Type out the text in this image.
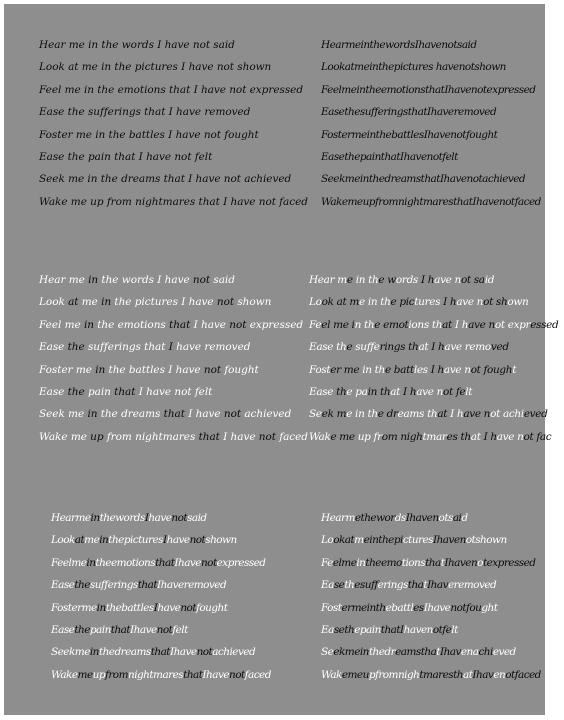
Hear me in the words I have not said
Look at me in the pictures I have not shown
Feel me in the emotions that I have not expressed
Ease the sufferings that I have removed
Foster me in the battles I have not fought
Ease the pain that I have not felt
Seek me in the dreams that I have not achieved
Wake me up from nightmares that I have not faced
HearmeinthewordsIhavenotsaid
Lookatmeinthepictures havenotshown
FeelmeintheemotionsthatIhavenotexpressed
EasethesufferingsthatIhaveremoved
FostermeinthebattlesIhavenotfought
EasethepainthatIhavenotfelt
SeekmeinthedreamsthatIhavenotachieved
WakemeupfromnightmaresthatIhavenotfaced
Hear me in the words I have not said
Look at me in the pictures I have not shown
Feel me in the emotions that I have not expressed
Ease the sufferings that I have removed
Foster me in the battles I have not fought
Ease the pain that I have not felt
Seek me in the dreams that I have not achieved
Wake me up from nightmares that I have not faced
Hear me in the words I have not said
Look at me in the pictures I have not shown
Feel me in the emotions that I have not expressed
Ease the sufferings that I have removed
Foster me in the battles I have not fought
Ease the pain that I have not felt
Seek me in the dreams that I have not achieved
Wake me up from nightmares that I have not faced
HearmeinthewordsIhavenotsaid
LookatmeinthepicturesIhavenotshown
FeelmeintheemotionsthatIhavenotexpressed
EasethesufferingsthatIhaveremoved
FostermeinthebattlesIhavenotfought
EasethepainthatIhavenotfelt
SeekmeinthedreamsthatIhavenotachieved
WakemeupfromnightmaresthatIhavenotfaced
HearmethewordsIhavenotsaid
LookatmeinthepicturesIhavenotshown
FeelmeintheemotionsthatIhavenotexpressed
EasethesufferingsthatIhaveremoved
FostermeinthebattlesIhavenotfought
EasethepainthatIhavenotfelt
SeekmeinthedreamsthatIhavenachieved
WakemeupfromnightmaresthatIhavenotfaced
